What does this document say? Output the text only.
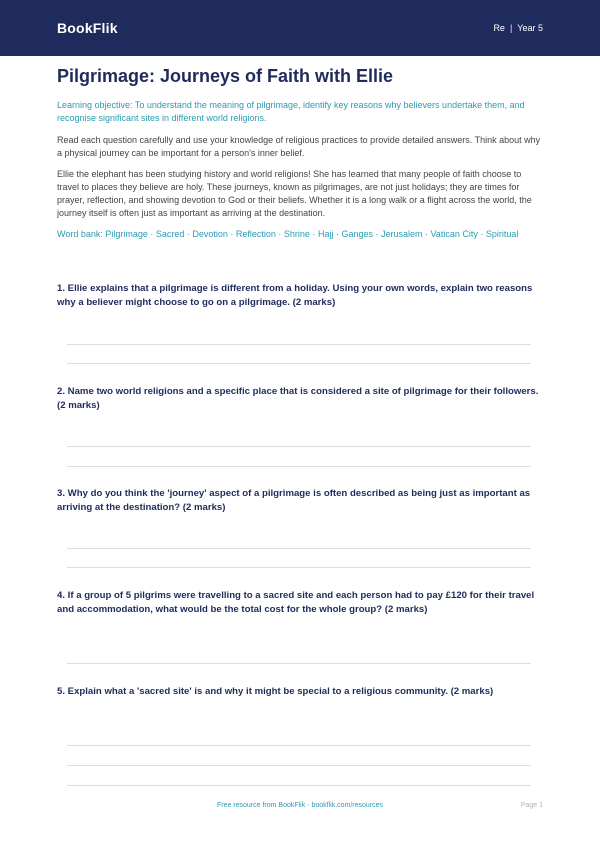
BookFlik	Re | Year 5
Pilgrimage: Journeys of Faith with Ellie

Learning objective: To understand the meaning of pilgrimage, identify key reasons why believers undertake them, and recognise significant sites in different world religions.

Read each question carefully and use your knowledge of religious practices to provide detailed answers. Think about why a physical journey can be important for a person's inner belief.

Ellie the elephant has been studying history and world religions! She has learned that many people of faith choose to travel to places they believe are holy. These journeys, known as pilgrimages, are not just holidays; they are times for prayer, reflection, and showing devotion to God or their beliefs. Whether it is a long walk or a flight across the world, the journey itself is often just as important as arriving at the destination.

Word bank: Pilgrimage · Sacred · Devotion · Reflection · Shrine · Hajj · Ganges · Jerusalem · Vatican City · Spiritual

1. Ellie explains that a pilgrimage is different from a holiday. Using your own words, explain two reasons why a believer might choose to go on a pilgrimage. (2 marks)
2. Name two world religions and a specific place that is considered a site of pilgrimage for their followers. (2 marks)
3. Why do you think the 'journey' aspect of a pilgrimage is often described as being just as important as arriving at the destination? (2 marks)
4. If a group of 5 pilgrims were travelling to a sacred site and each person had to pay £120 for their travel and accommodation, what would be the total cost for the whole group? (2 marks)
5. Explain what a 'sacred site' is and why it might be special to a religious community. (2 marks)
Free resource from BookFlik · bookflik.com/resources	Page 1
